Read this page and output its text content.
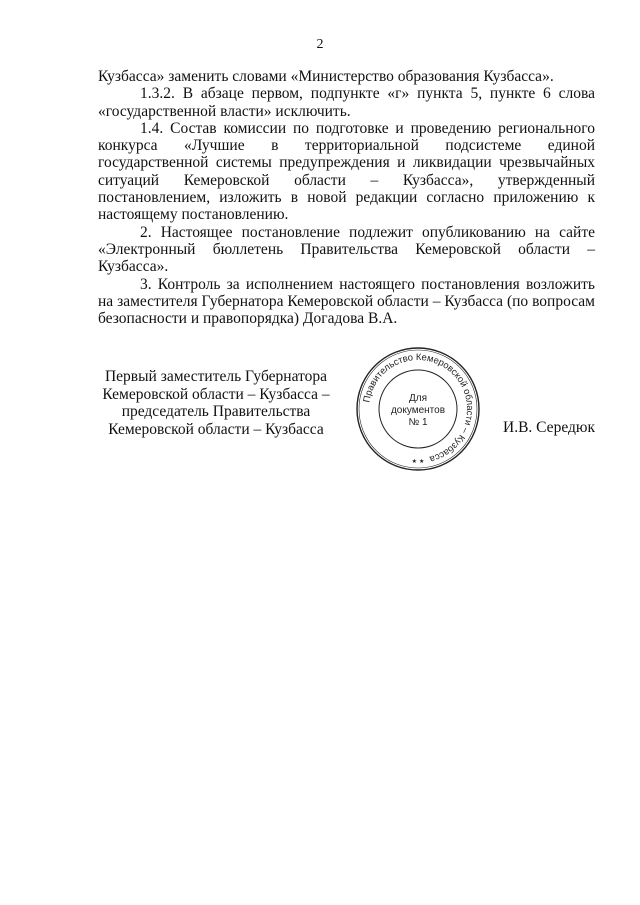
2

Кузбасса» заменить словами «Министерство образования Кузбасса».

1.3.2. В абзаце первом, подпункте «г» пункта 5, пункте 6 слова «государственной власти» исключить.

1.4. Состав комиссии по подготовке и проведению регионального конкурса «Лучшие в территориальной подсистеме единой государственной системы предупреждения и ликвидации чрезвычайных ситуаций Кемеровской области – Кузбасса», утвержденный постановлением, изложить в новой редакции согласно приложению к настоящему постановлению.

2. Настоящее постановление подлежит опубликованию на сайте «Электронный бюллетень Правительства Кемеровской области – Кузбасса».

3. Контроль за исполнением настоящего постановления возложить на заместителя Губернатора Кемеровской области – Кузбасса (по вопросам безопасности и правопорядка) Догадова В.А.

Первый заместитель Губернатора
Кемеровской области – Кузбасса –
председатель Правительства
Кемеровской области – Кузбасса
Правительство Кемеровской области – Кузбасса
★ ★
Для
документов
№ 1	И.В. Середюк
